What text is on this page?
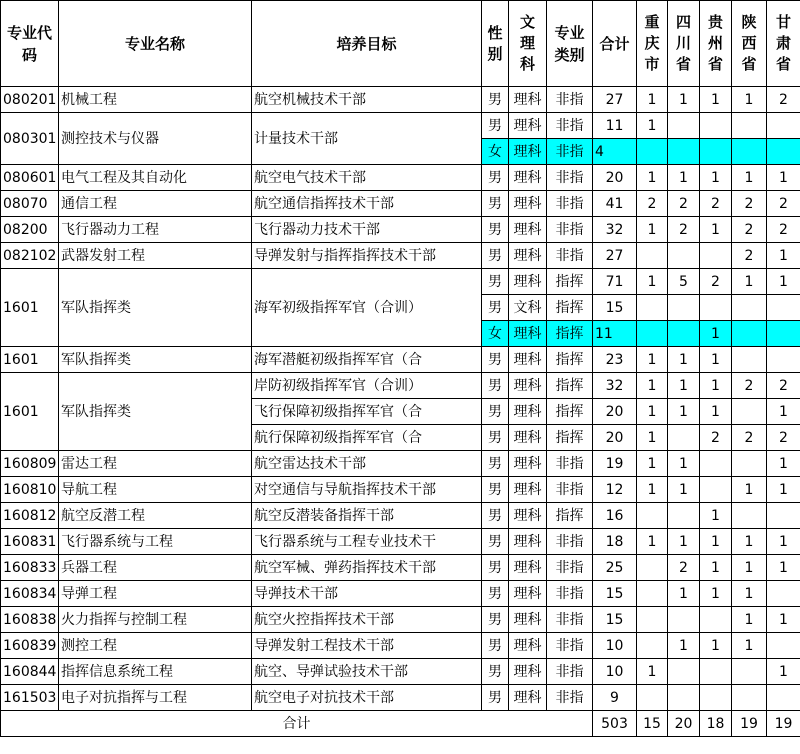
专业代码	专业名称	培养目标	性别	文理科	专业类别	合计	重庆市	四川省	贵州省	陕西省	甘肃省
080201	机械工程	航空机械技术干部	男	理科	非指	27	1	1	1	1	2
080301	测控技术与仪器	计量技术干部	男	理科	非指	11	1				
			女	理科	非指	4					
080601	电气工程及其自动化	航空电气技术干部	男	理科	非指	20	1	1	1	1	1
08070	通信工程	航空通信指挥技术干部	男	理科	非指	41	2	2	2	2	2
08200	飞行器动力工程	飞行器动力技术干部	男	理科	非指	32	1	2	1	2	2
082102	武器发射工程	导弹发射与指挥指挥技术干部	男	理科	非指	27				2	1
1601	军队指挥类	海军初级指挥军官（合训）	男	理科	指挥	71	1	5	2	1	1
			男	文科	指挥	15					
			女	理科	指挥	11			1		
1601	军队指挥类	海军潜艇初级指挥军官（合	男	理科	指挥	23	1	1	1		
1601	军队指挥类	岸防初级指挥军官（合训）	男	理科	指挥	32	1	1	1	2	2
		飞行保障初级指挥军官（合	男	理科	指挥	20	1	1	1		1
		航行保障初级指挥军官（合	男	理科	指挥	20	1		2	2	2
160809	雷达工程	航空雷达技术干部	男	理科	非指	19	1	1			1
160810	导航工程	对空通信与导航指挥技术干部	男	理科	非指	12	1	1		1	1
160812	航空反潜工程	航空反潜装备指挥干部	男	理科	指挥	16			1		
160831	飞行器系统与工程	飞行器系统与工程专业技术干	男	理科	非指	18	1	1	1	1	1
160833	兵器工程	航空军械、弹药指挥技术干部	男	理科	非指	25		2	1	1	1
160834	导弹工程	导弹技术干部	男	理科	非指	15		1	1	1	
160838	火力指挥与控制工程	航空火控指挥技术干部	男	理科	非指	15				1	1
160839	测控工程	导弹发射工程技术干部	男	理科	非指	10		1	1	1	
160844	指挥信息系统工程	航空、导弹试验技术干部	男	理科	非指	10	1				1
161503	电子对抗指挥与工程	航空电子对抗技术干部	男	理科	非指	9					
合计						503	15	20	18	19	19
